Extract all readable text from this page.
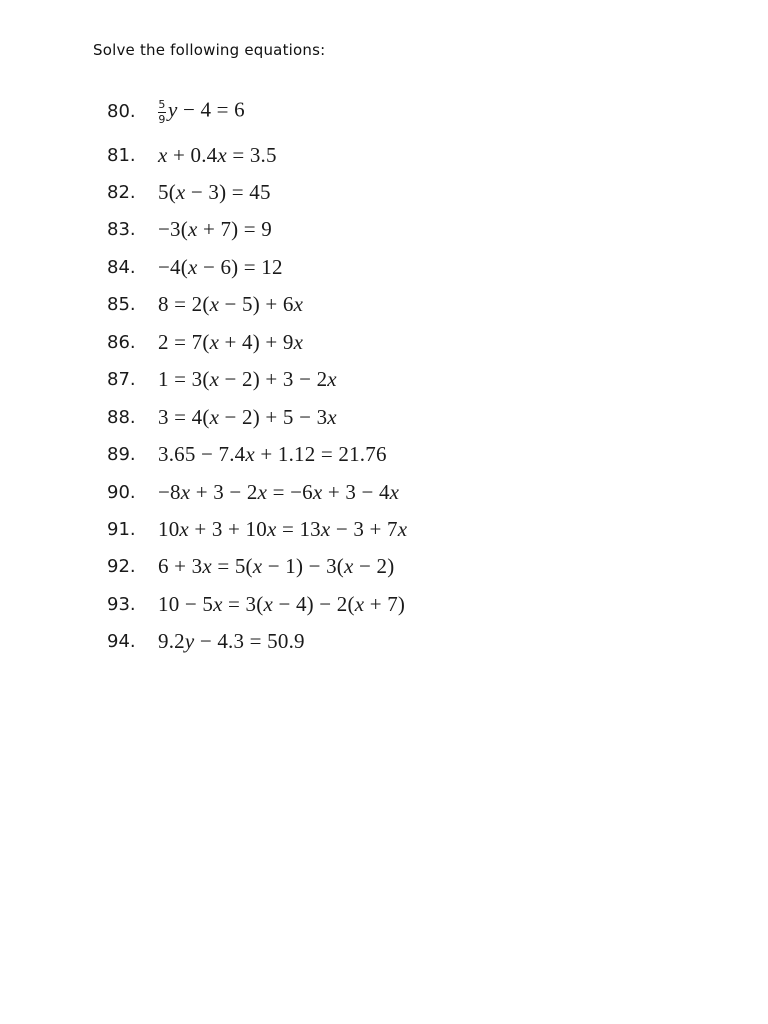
Solve the following equations:
80.	$\frac{5}{9}$ y − 4 = 6
81.	x + 0.4x = 3.5
82.	5(x − 3) = 45
83.	−3(x + 7) = 9
84.	−4(x − 6) = 12
85.	8 = 2(x − 5) + 6x
86.	2 = 7(x + 4) + 9x
87.	1 = 3(x − 2) + 3 − 2x
88.	3 = 4(x − 2) + 5 − 3x
89.	3.65 − 7.4x + 1.12 = 21.76
90.	−8x + 3 − 2x = −6x + 3 − 4x
91.	10x + 3 + 10x = 13x − 3 + 7x
92.	6 + 3x = 5(x − 1) − 3(x − 2)
93.	10 − 5x = 3(x − 4) − 2(x + 7)
94.	9.2y − 4.3 = 50.9
